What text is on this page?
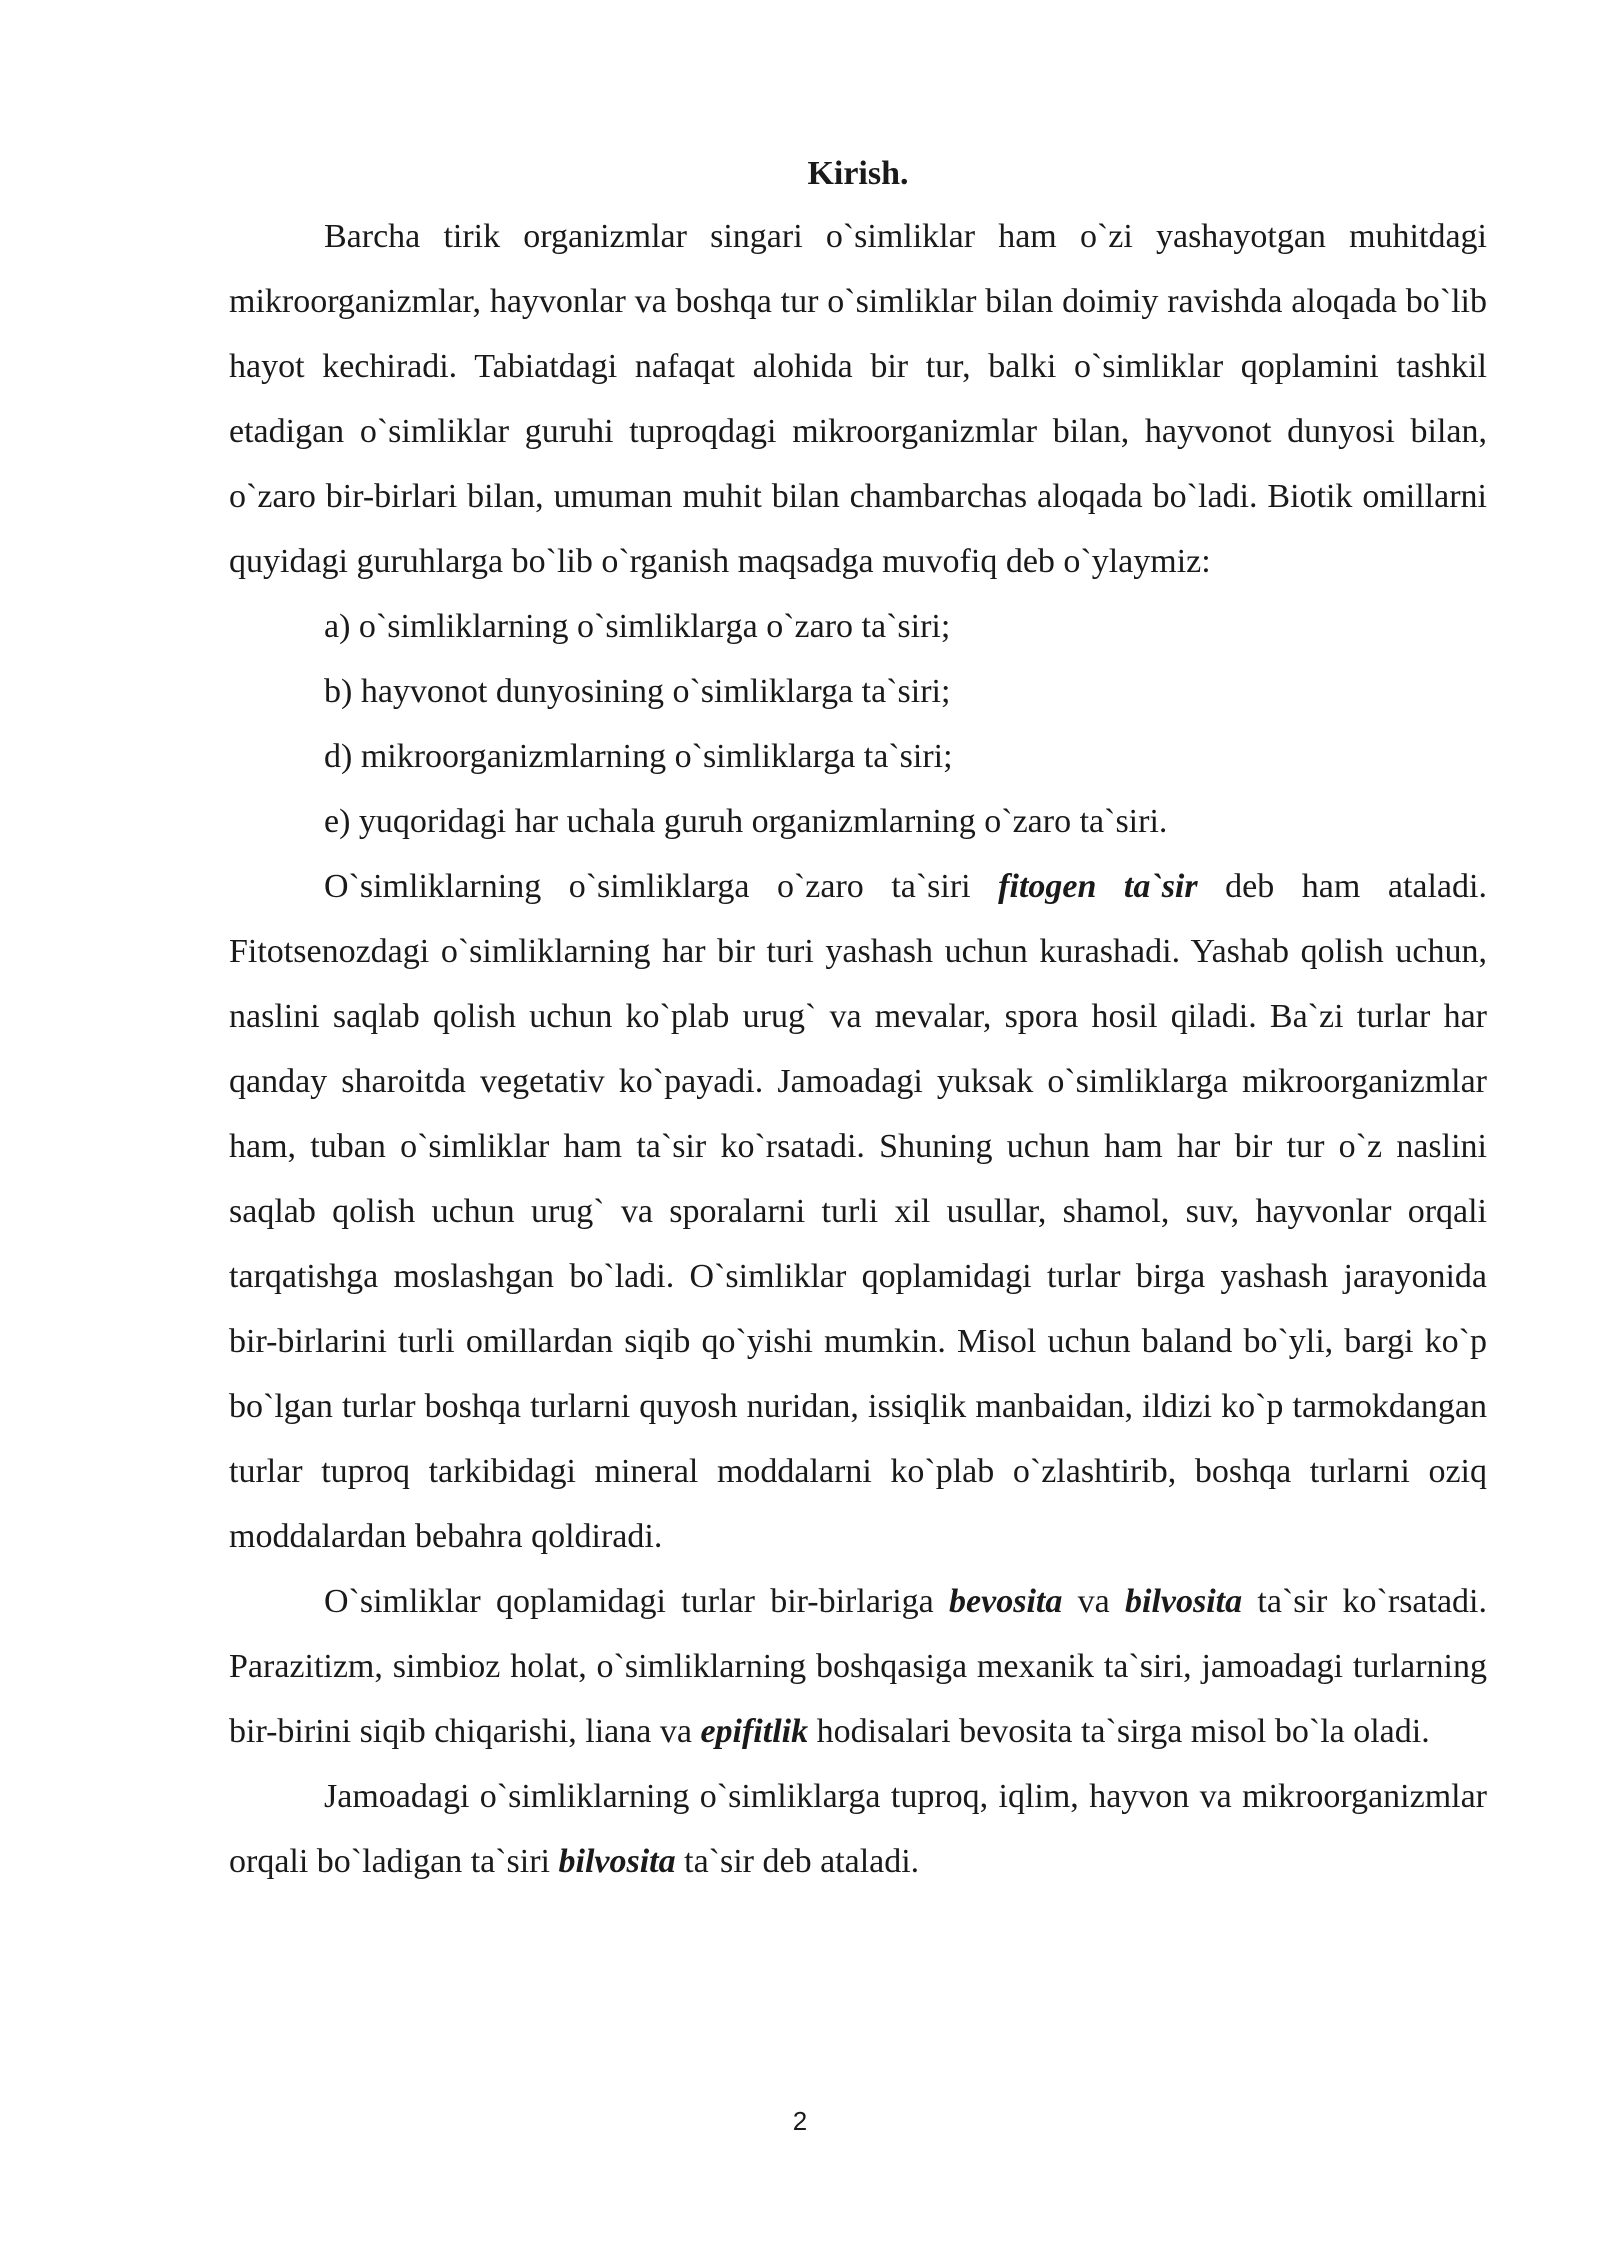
Kirish.

Barcha tirik organizmlar singari o`simliklar ham o`zi yashayotgan muhitdagi mikroorganizmlar, hayvonlar va boshqa tur o`simliklar bilan doimiy ravishda aloqada bo`lib hayot kechiradi. Tabiatdagi nafaqat alohida bir tur, balki o`simliklar qoplamini tashkil etadigan o`simliklar guruhi tuproqdagi mikroorganizmlar bilan, hayvonot dunyosi bilan, o`zaro bir-birlari bilan, umuman muhit bilan chambarchas aloqada bo`ladi. Biotik omillarni quyidagi guruhlarga bo`lib o`rganish maqsadga muvofiq deb o`ylaymiz:

a) o`simliklarning o`simliklarga o`zaro ta`siri;

b) hayvonot dunyosining o`simliklarga ta`siri;

d) mikroorganizmlarning o`simliklarga ta`siri;

e) yuqoridagi har uchala guruh organizmlarning o`zaro ta`siri.

O`simliklarning o`simliklarga o`zaro ta`siri fitogen ta`sir deb ham ataladi. Fitotsenozdagi o`simliklarning har bir turi yashash uchun kurashadi. Yashab qolish uchun, naslini saqlab qolish uchun ko`plab urug` va mevalar, spora hosil qiladi. Ba`zi turlar har qanday sharoitda vegetativ ko`payadi. Jamoadagi yuksak o`simliklarga mikroorganizmlar ham, tuban o`simliklar ham ta`sir ko`rsatadi. Shuning uchun ham har bir tur o`z naslini saqlab qolish uchun urug` va sporalarni turli xil usullar, shamol, suv, hayvonlar orqali tarqatishga moslashgan bo`ladi. O`simliklar qoplamidagi turlar birga yashash jarayonida bir-birlarini turli omillardan siqib qo`yishi mumkin. Misol uchun baland bo`yli, bargi ko`p bo`lgan turlar boshqa turlarni quyosh nuridan, issiqlik manbaidan, ildizi ko`p tarmokdangan turlar tuproq tarkibidagi mineral moddalarni ko`plab o`zlashtirib, boshqa turlarni oziq moddalardan bebahra qoldiradi.

O`simliklar qoplamidagi turlar bir-birlariga bevosita va bilvosita ta`sir ko`rsatadi. Parazitizm, simbioz holat, o`simliklarning boshqasiga mexanik ta`siri, jamoadagi turlarning bir-birini siqib chiqarishi, liana va epifitlik hodisalari bevosita ta`sirga misol bo`la oladi.

Jamoadagi o`simliklarning o`simliklarga tuproq, iqlim, hayvon va mikroorganizmlar orqali bo`ladigan ta`siri bilvosita ta`sir deb ataladi.

2
